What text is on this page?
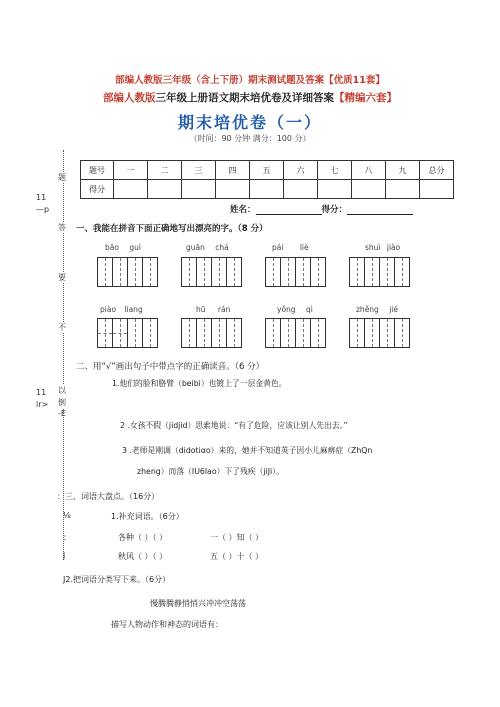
部编人教版三年级（含上下册）期末测试题及答案【优质11套】
部编人教版三年级上册语文期末培优卷及详细答案【精编六套】
期末培优卷（一）
（时间：90 分钟 满分：100 分）
11
—p
题
答
要
不
11
lr>
以
倒
-E
题号	一	二	三	四	五	六	七	八	九	总分
得分										
姓名：	得分：
一、我能在拼音下面正确地写出漂亮的字。（8 分）
bāo guì	guān chá	pái liè	shuì jiào
piào liang	hū rán	yǒng qì	zhěng jié
二、用“√”画出句子中带点字的正确读音。（6 分）
1.他们的脸和胳臂（beibi）也镀上了一层金黄色。
2 .女孩不假（jidjid）思索地说：“有了危险，应该让别人先出去。”
3 .老师是刚调（didotiαo）来的，她并不知道英子因小儿麻痹症（ZhQn
zheng）而落（IU6lao）下了残疾（jiJi）。
：三、词语大盘点。（16分）
⅛	1.补充词语。（6分）
：	各种（ ）（ ）	一（ ）知（ ）
j	秋风（ ）（ ）	五（ ）十（ ）
J2.把词语分类写下来。（6分）
慢腾腾静悄悄兴冲冲空荡荡
描写人物动作和神态的词语有：
